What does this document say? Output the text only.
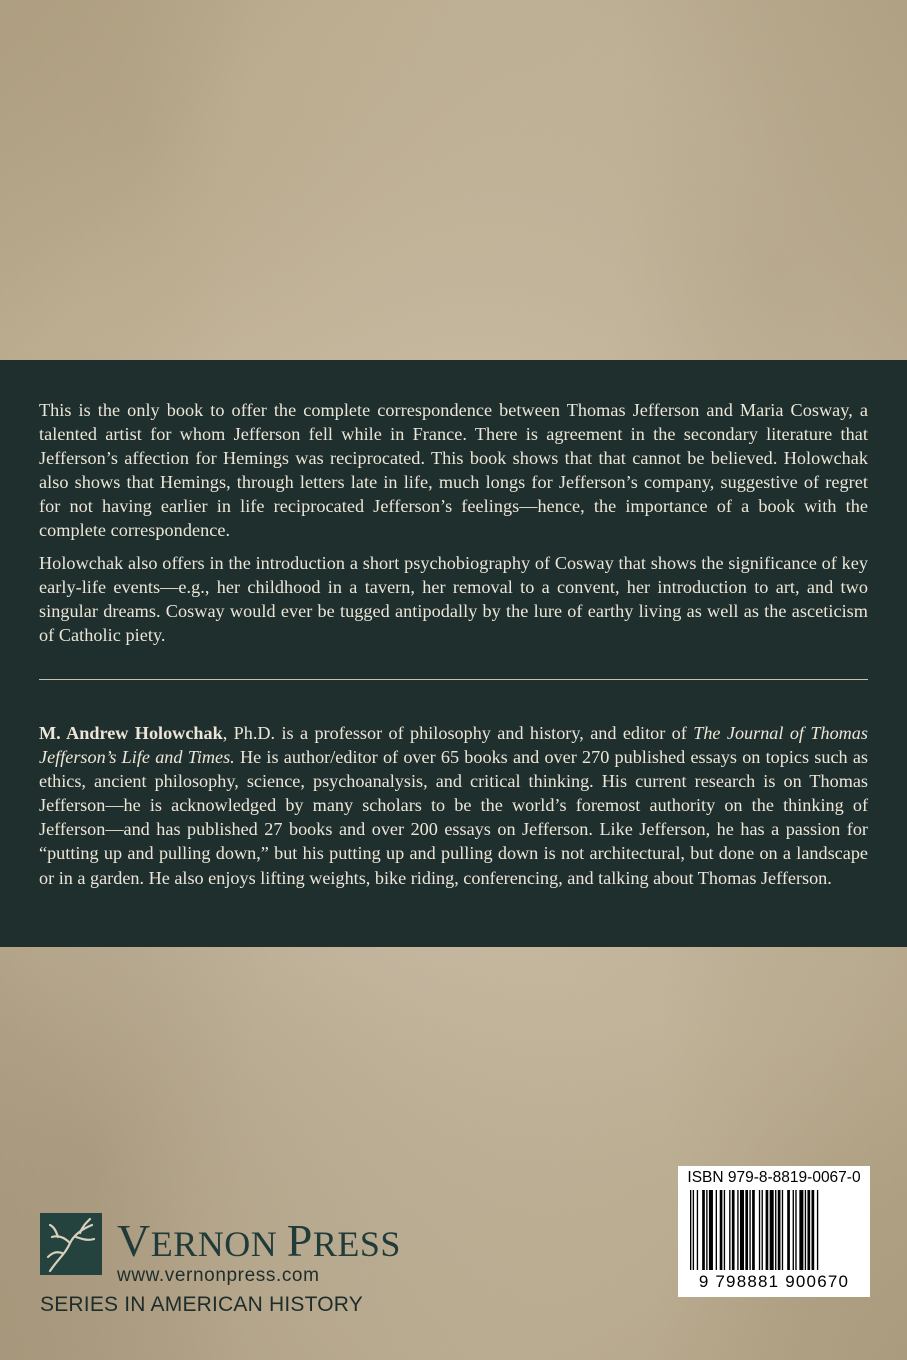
This is the only book to offer the complete correspondence between Thomas Jefferson and Maria Cosway, a talented artist for whom Jefferson fell while in France. There is agreement in the secondary literature that Jefferson’s affection for Hemings was reciprocated. This book shows that that cannot be believed. Holowchak also shows that Hemings, through letters late in life, much longs for Jefferson’s company, suggestive of regret for not having earlier in life reciprocated Jefferson’s feelings—hence, the importance of a book with the complete correspondence.

Holowchak also offers in the introduction a short psychobiography of Cosway that shows the significance of key early-life events—e.g., her childhood in a tavern, her removal to a convent, her introduction to art, and two singular dreams. Cosway would ever be tugged antipodally by the lure of earthy living as well as the asceticism of Catholic piety.

M. Andrew Holowchak, Ph.D. is a professor of philosophy and history, and editor of The Journal of Thomas Jefferson’s Life and Times. He is author/editor of over 65 books and over 270 published essays on topics such as ethics, ancient philosophy, science, psychoanalysis, and critical thinking. His current research is on Thomas Jefferson—he is acknowledged by many scholars to be the world’s foremost authority on the thinking of Jefferson—and has published 27 books and over 200 essays on Jefferson. Like Jefferson, he has a passion for “putting up and pulling down,” but his putting up and pulling down is not architectural, but done on a landscape or in a garden. He also enjoys lifting weights, bike riding, conferencing, and talking about Thomas Jefferson.

VERNON PRESS
www.vernonpress.com
SERIES IN AMERICAN HISTORY
ISBN 979-8-8819-0067-0
9 798881 900670
